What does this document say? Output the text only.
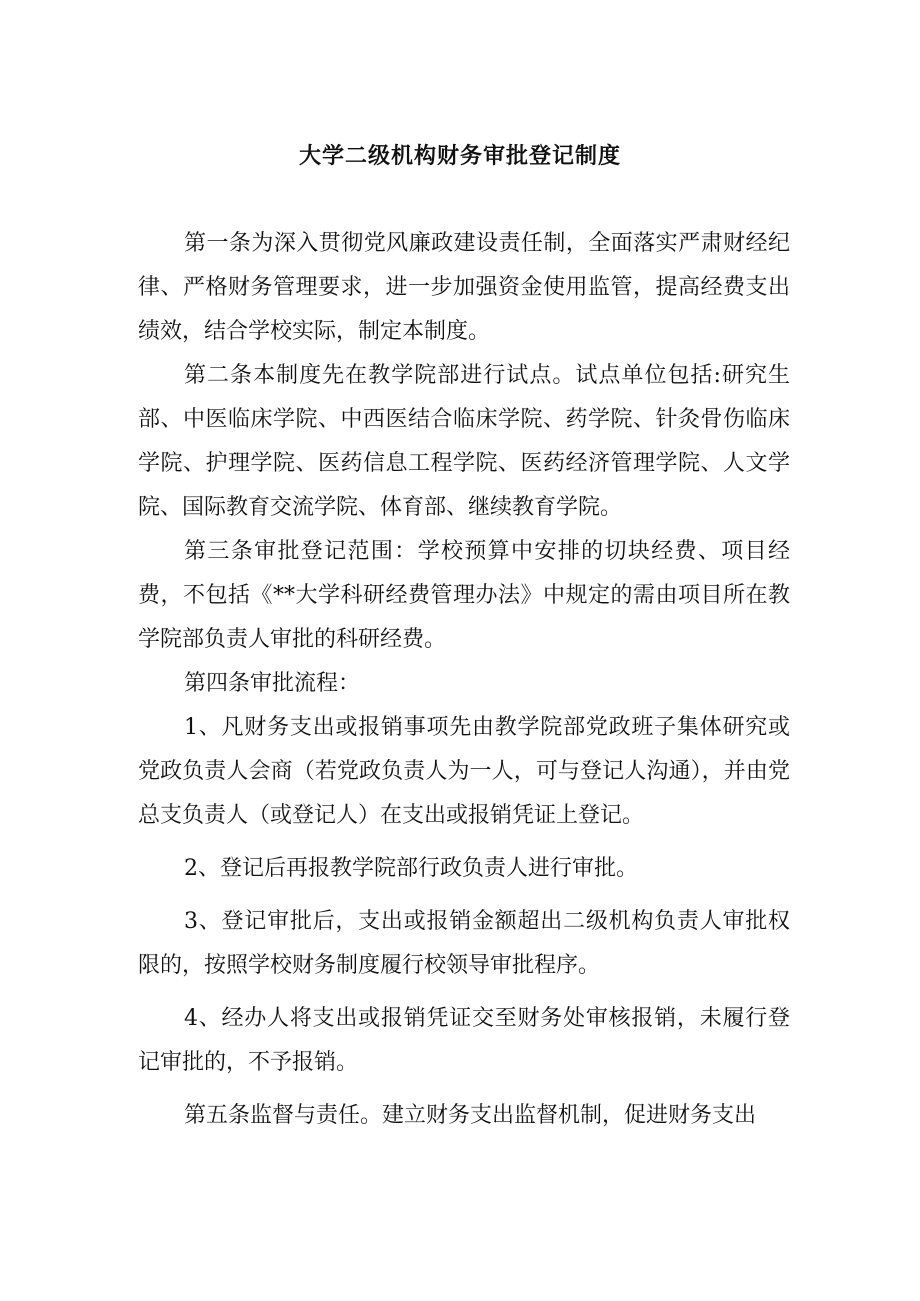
大学二级机构财务审批登记制度

第一条为深入贯彻党风廉政建设责任制，全面落实严肃财经纪律、严格财务管理要求，进一步加强资金使用监管，提高经费支出绩效，结合学校实际，制定本制度。

第二条本制度先在教学院部进行试点。试点单位包括:研究生部、中医临床学院、中西医结合临床学院、药学院、针灸骨伤临床学院、护理学院、医药信息工程学院、医药经济管理学院、人文学院、国际教育交流学院、体育部、继续教育学院。

第三条审批登记范围：学校预算中安排的切块经费、项目经费，不包括《**大学科研经费管理办法》中规定的需由项目所在教学院部负责人审批的科研经费。

第四条审批流程：

1、凡财务支出或报销事项先由教学院部党政班子集体研究或党政负责人会商（若党政负责人为一人，可与登记人沟通），并由党总支负责人（或登记人）在支出或报销凭证上登记。

2、登记后再报教学院部行政负责人进行审批。

3、登记审批后，支出或报销金额超出二级机构负责人审批权限的，按照学校财务制度履行校领导审批程序。

4、经办人将支出或报销凭证交至财务处审核报销，未履行登记审批的，不予报销。

第五条监督与责任。建立财务支出监督机制，促进财务支出
